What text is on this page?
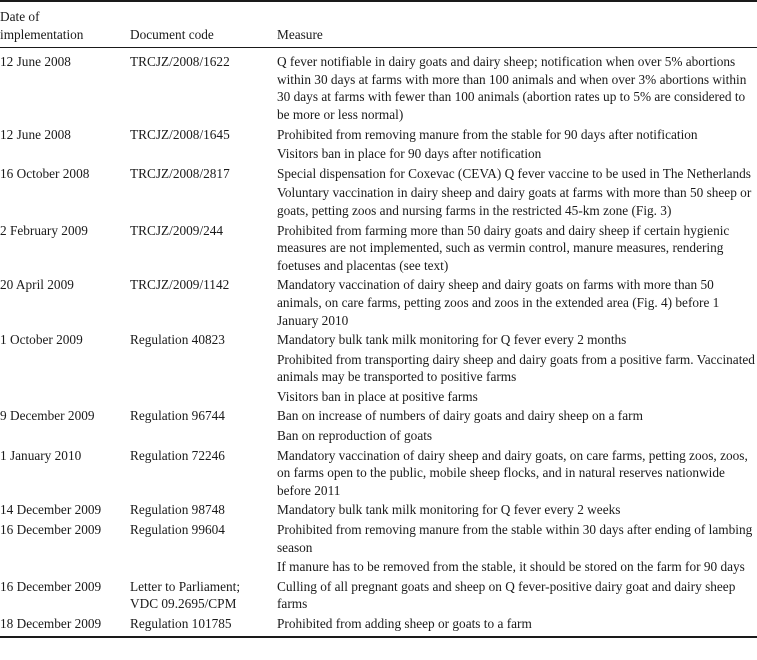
Date of
implementation	Document code	Measure
12 June 2008	TRCJZ/2008/1622	Q fever notifiable in dairy goats and dairy sheep; notification when over 5% abortions within 30 days at farms with more than 100 animals and when over 3% abortions within 30 days at farms with fewer than 100 animals (abortion rates up to 5% are considered to be more or less normal)

12 June 2008	TRCJZ/2008/1645	Prohibited from removing manure from the stable for 90 days after notification
Visitors ban in place for 90 days after notification

16 October 2008	TRCJZ/2008/2817	Special dispensation for Coxevac (CEVA) Q fever vaccine to be used in The Netherlands
Voluntary vaccination in dairy sheep and dairy goats at farms with more than 50 sheep or goats, petting zoos and nursing farms in the restricted 45-km zone (Fig. 3)

2 February 2009	TRCJZ/2009/244	Prohibited from farming more than 50 dairy goats and dairy sheep if certain hygienic measures are not implemented, such as vermin control, manure measures, rendering foetuses and placentas (see text)

20 April 2009	TRCJZ/2009/1142	Mandatory vaccination of dairy sheep and dairy goats on farms with more than 50 animals, on care farms, petting zoos and zoos in the extended area (Fig. 4) before 1 January 2010

1 October 2009	Regulation 40823	Mandatory bulk tank milk monitoring for Q fever every 2 months
Prohibited from transporting dairy sheep and dairy goats from a positive farm. Vaccinated animals may be transported to positive farms
Visitors ban in place at positive farms

9 December 2009	Regulation 96744	Ban on increase of numbers of dairy goats and dairy sheep on a farm
Ban on reproduction of goats

1 January 2010	Regulation 72246	Mandatory vaccination of dairy sheep and dairy goats, on care farms, petting zoos, zoos, on farms open to the public, mobile sheep flocks, and in natural reserves nationwide before 2011

14 December 2009	Regulation 98748	Mandatory bulk tank milk monitoring for Q fever every 2 weeks

16 December 2009	Regulation 99604	Prohibited from removing manure from the stable within 30 days after ending of lambing season
If manure has to be removed from the stable, it should be stored on the farm for 90 days

16 December 2009	Letter to Parliament;
VDC 09.2695/CPM	Culling of all pregnant goats and sheep on Q fever-positive dairy goat and dairy sheep farms

18 December 2009	Regulation 101785	Prohibited from adding sheep or goats to a farm
